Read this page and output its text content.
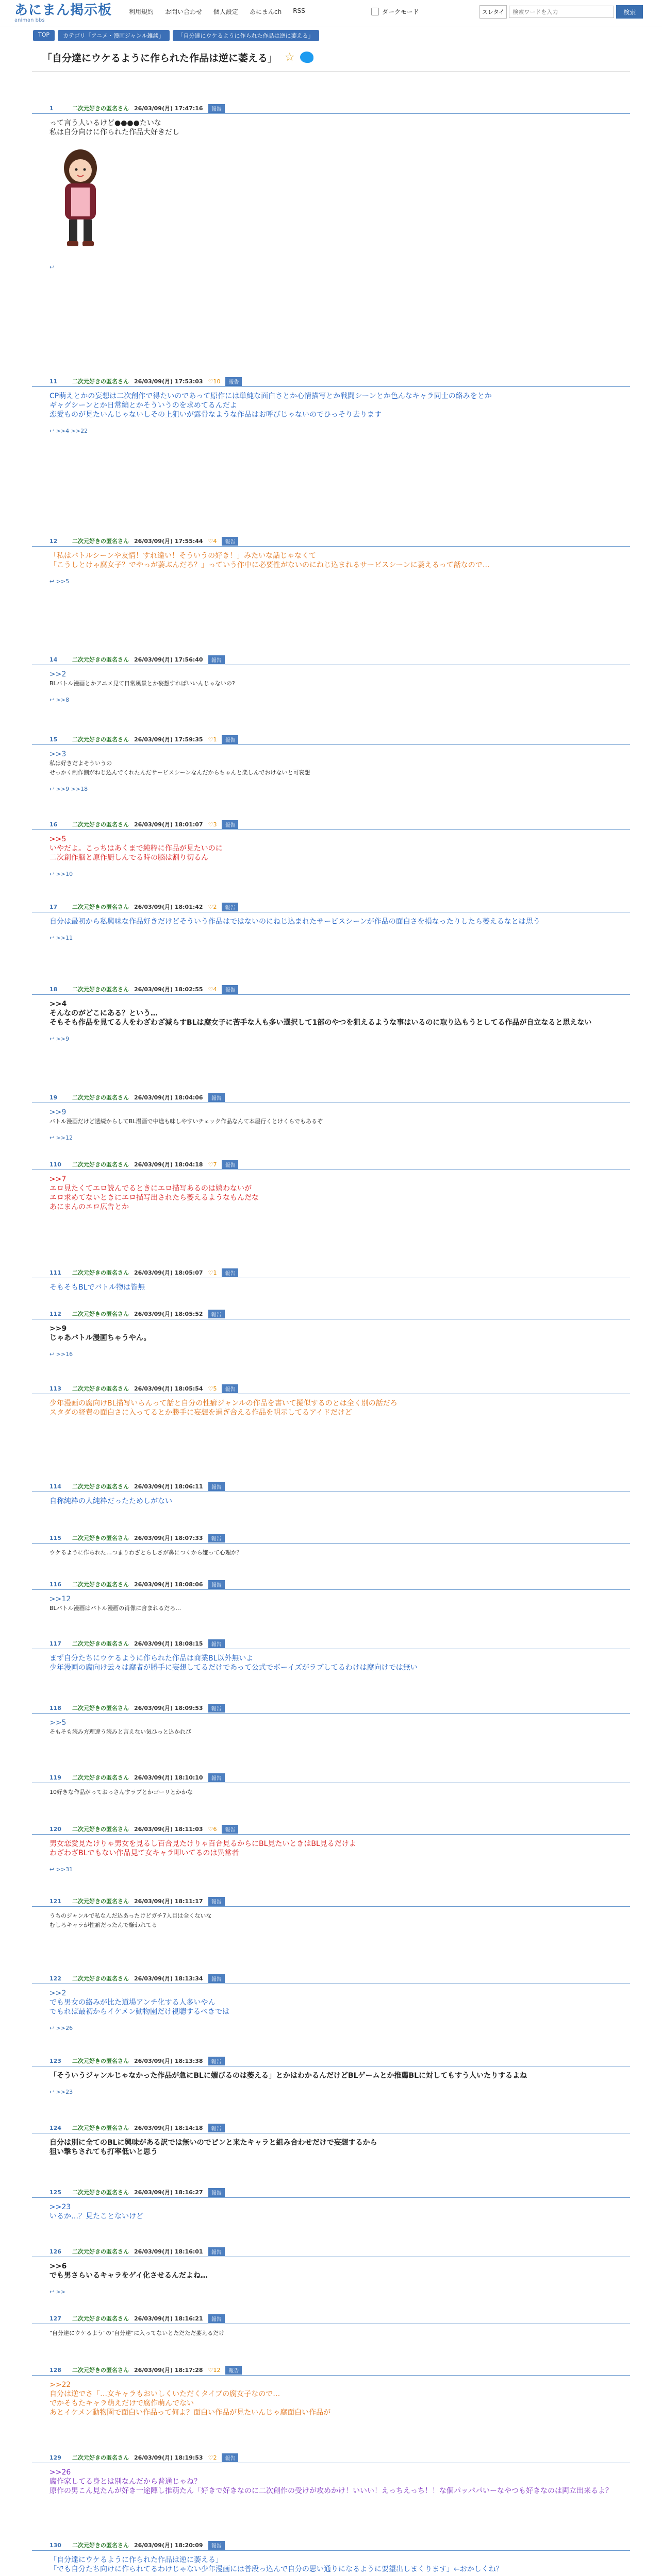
あにまん掲示板
animan bbs
利用規約 お問い合わせ 個人設定 あにまんch RSS	ダークモード	スレタイ
検索ワードを入力	検索
TOP	カテゴリ「アニメ・漫画ジャンル雑談」	「自分達にウケるように作られた作品は逆に萎える」
「自分達にウケるように作られた作品は逆に萎える」 ☆
1	二次元好きの匿名さん 26/03/09(月) 17:47:16	報告
って言う人いるけど●●●●たいな
私は自分向けに作られた作品大好きだし
↩
11	二次元好きの匿名さん 26/03/09(月) 17:53:03 ♡10	報告
CP萌えとかの妄想は二次創作で得たいのであって原作には単純な面白さとか心情描写とか戦闘シーンとか色んなキャラ同士の絡みをとか
ギャグシーンとか日常編とかそういうのを求めてるんだよ
恋愛ものが見たいんじゃないしその上狙いが露骨なような作品はお呼びじゃないのでひっそり去ります
↩ >>4 >>22
12	二次元好きの匿名さん 26/03/09(月) 17:55:44 ♡4	報告
「私はバトルシーンや友情！すれ違い！そういうの好き！」みたいな話じゃなくて
「こうしとけゃ腐女子？でやっが萎ぶんだろ？」っていう作中に必要性がないのにねじ込まれるサービスシーンに萎えるって話なので…
↩ >>5
14	二次元好きの匿名さん 26/03/09(月) 17:56:40	報告
>>2
BLバトル漫画とかアニメ見て日常風景とか妄想すればいいんじゃないの?
↩ >>8
15	二次元好きの匿名さん 26/03/09(月) 17:59:35 ♡1	報告
>>3
私は好きだよそういうの
せっかく制作側がねじ込んでくれたんだサービスシーンなんだからちゃんと楽しんでおけないと可哀想
↩ >>9 >>18
16	二次元好きの匿名さん 26/03/09(月) 18:01:07 ♡3	報告
>>5
いやだよ。こっちはあくまで純粋に作品が見たいのに
二次創作脳と原作厨しんでる時の脳は割り切るん
↩ >>10
17	二次元好きの匿名さん 26/03/09(月) 18:01:42 ♡2	報告
自分は最初から私興味な作品好きだけどそういう作品はではないのにねじ込まれたサービスシーンが作品の面白さを損なったりしたら萎えるなとは思う
↩ >>11
18	二次元好きの匿名さん 26/03/09(月) 18:02:55 ♡4	報告
>>4
そんなのがどこにある？という…
そもそも作品を見てる人をわざわざ減らすBLは腐女子に苦手な人も多い選択して1部のやつを狙えるような事はいるのに取り込もうとしてる作品が自立なると思えない
↩ >>9
19	二次元好きの匿名さん 26/03/09(月) 18:04:06	報告
>>9
バトル漫画だけど透続からしてBL漫画で中途も味しやすいチェック作品なんて本屋行くとけくらでもあるぞ
↩ >>12
110	二次元好きの匿名さん 26/03/09(月) 18:04:18 ♡7	報告
>>7
エロ見たくてエロ読んでるときにエロ描写あるのは嬉わないが
エロ求めてないときにエロ描写出されたら萎えるようなもんだな
あにまんのエロ広告とか
111	二次元好きの匿名さん 26/03/09(月) 18:05:07 ♡1	報告
そもそもBLでバトル物は皆無
112	二次元好きの匿名さん 26/03/09(月) 18:05:52	報告
>>9
じゃあバトル漫画ちゃうやん。
↩ >>16
113	二次元好きの匿名さん 26/03/09(月) 18:05:54 ♡5	報告
少年漫画の腐向けBL描写いらんって話と自分の性癖ジャンルの作品を書いて擬似するのとは全く別の話だろ
スタダの経費の面白さに入ってるとか勝手に妄想を過ぎ合える作品を明示してるアイドだけど
114	二次元好きの匿名さん 26/03/09(月) 18:06:11	報告
自称純粋の人純粋だったためしがない
115	二次元好きの匿名さん 26/03/09(月) 18:07:33	報告
ウケるように作られた…つまりわざとらしさが鼻につくから嫌って心理か？
116	二次元好きの匿名さん 26/03/09(月) 18:08:06	報告
>>12
BLバトル漫画はバトル漫画の肖像に含まれるだろ…
117	二次元好きの匿名さん 26/03/09(月) 18:08:15	報告
まず自分たちにウケるように作られた作品は商業BL以外無いよ
少年漫画の腐向け云々は腐者が勝手に妄想してるだけであって公式でボーイズがラブしてるわけは腐向けでは無い
118	二次元好きの匿名さん 26/03/09(月) 18:09:53	報告
>>5
そもそも読み方理違う読みと言えない気ひっと込かれび
119	二次元好きの匿名さん 26/03/09(月) 18:10:10	報告
10好きな作品がっておっさんすラブとかゴーリとかかな
120	二次元好きの匿名さん 26/03/09(月) 18:11:03 ♡6	報告
男女恋愛見たけりゃ男女を見るし百合見たけりゃ百合見るからにBL見たいときはBL見るだけよ
わざわざBLでもない作品見て女キャラ叩いてるのは異常者
↩ >>31
121	二次元好きの匿名さん 26/03/09(月) 18:11:17	報告
うちのジャンルで私なんだ込あったけどガチ7人目は全くないな
むしろキャラが性癖だったんで嫌われてる
122	二次元好きの匿名さん 26/03/09(月) 18:13:34	報告
>>2
でも男女の絡みが比た道場アンチ化する人多いやん
でもれば最初からイケメン動物園だけ視聴するべきでは
↩ >>26
123	二次元好きの匿名さん 26/03/09(月) 18:13:38	報告
「そういうジャンルじゃなかった作品が急にBLに媚びるのは萎える」とかはわかるんだけどBLゲームとか推薦BLに対してもすう人いたりするよね
↩ >>23
124	二次元好きの匿名さん 26/03/09(月) 18:14:18	報告
自分は別に全てのBLに興味がある訳では無いのでピンと来たキャラと組み合わせだけで妄想するから
狙い撃ちされても打率低いと思う
125	二次元好きの匿名さん 26/03/09(月) 18:16:27	報告
>>23
いるか…？見たことないけど
126	二次元好きの匿名さん 26/03/09(月) 18:16:01	報告
>>6
でも男さらいるキャラをゲイ化させるんだよね…
↩ >>
127	二次元好きの匿名さん 26/03/09(月) 18:16:21	報告
"自分達にウケるよう"の"自分達"に入ってないとただただ萎えるだけ
128	二次元好きの匿名さん 26/03/09(月) 18:17:28 ♡12	報告
>>22
自分は逆でさ「…女キャラもおいしくいただくタイプの腐女子なので…
でかそもたキャラ萌えだけで腐作萌んでない
あとイケメン動物園で面白い作品って何よ？面白い作品が見たいんじゃ腐面白い作品が
129	二次元好きの匿名さん 26/03/09(月) 18:19:53 ♡2	報告
>>26
腐作家してる身とは別なんだから普通じゃね？
原作の男こん見たんが好き一途陣し推萌たん「好きで好きなのに二次創作の受けが攻めかけ！いいい！えっちえっち！！な個パッパパいーなやつも好きなのは両立出来るよ？
130	二次元好きの匿名さん 26/03/09(月) 18:20:09	報告
「自分達にウケるように作られた作品は逆に萎える」
「でも自分たち向けに作られてるわけじゃない少年漫画には普段っ込んで自分の思い通りになるように要望出しまくります」←おかしくね？
